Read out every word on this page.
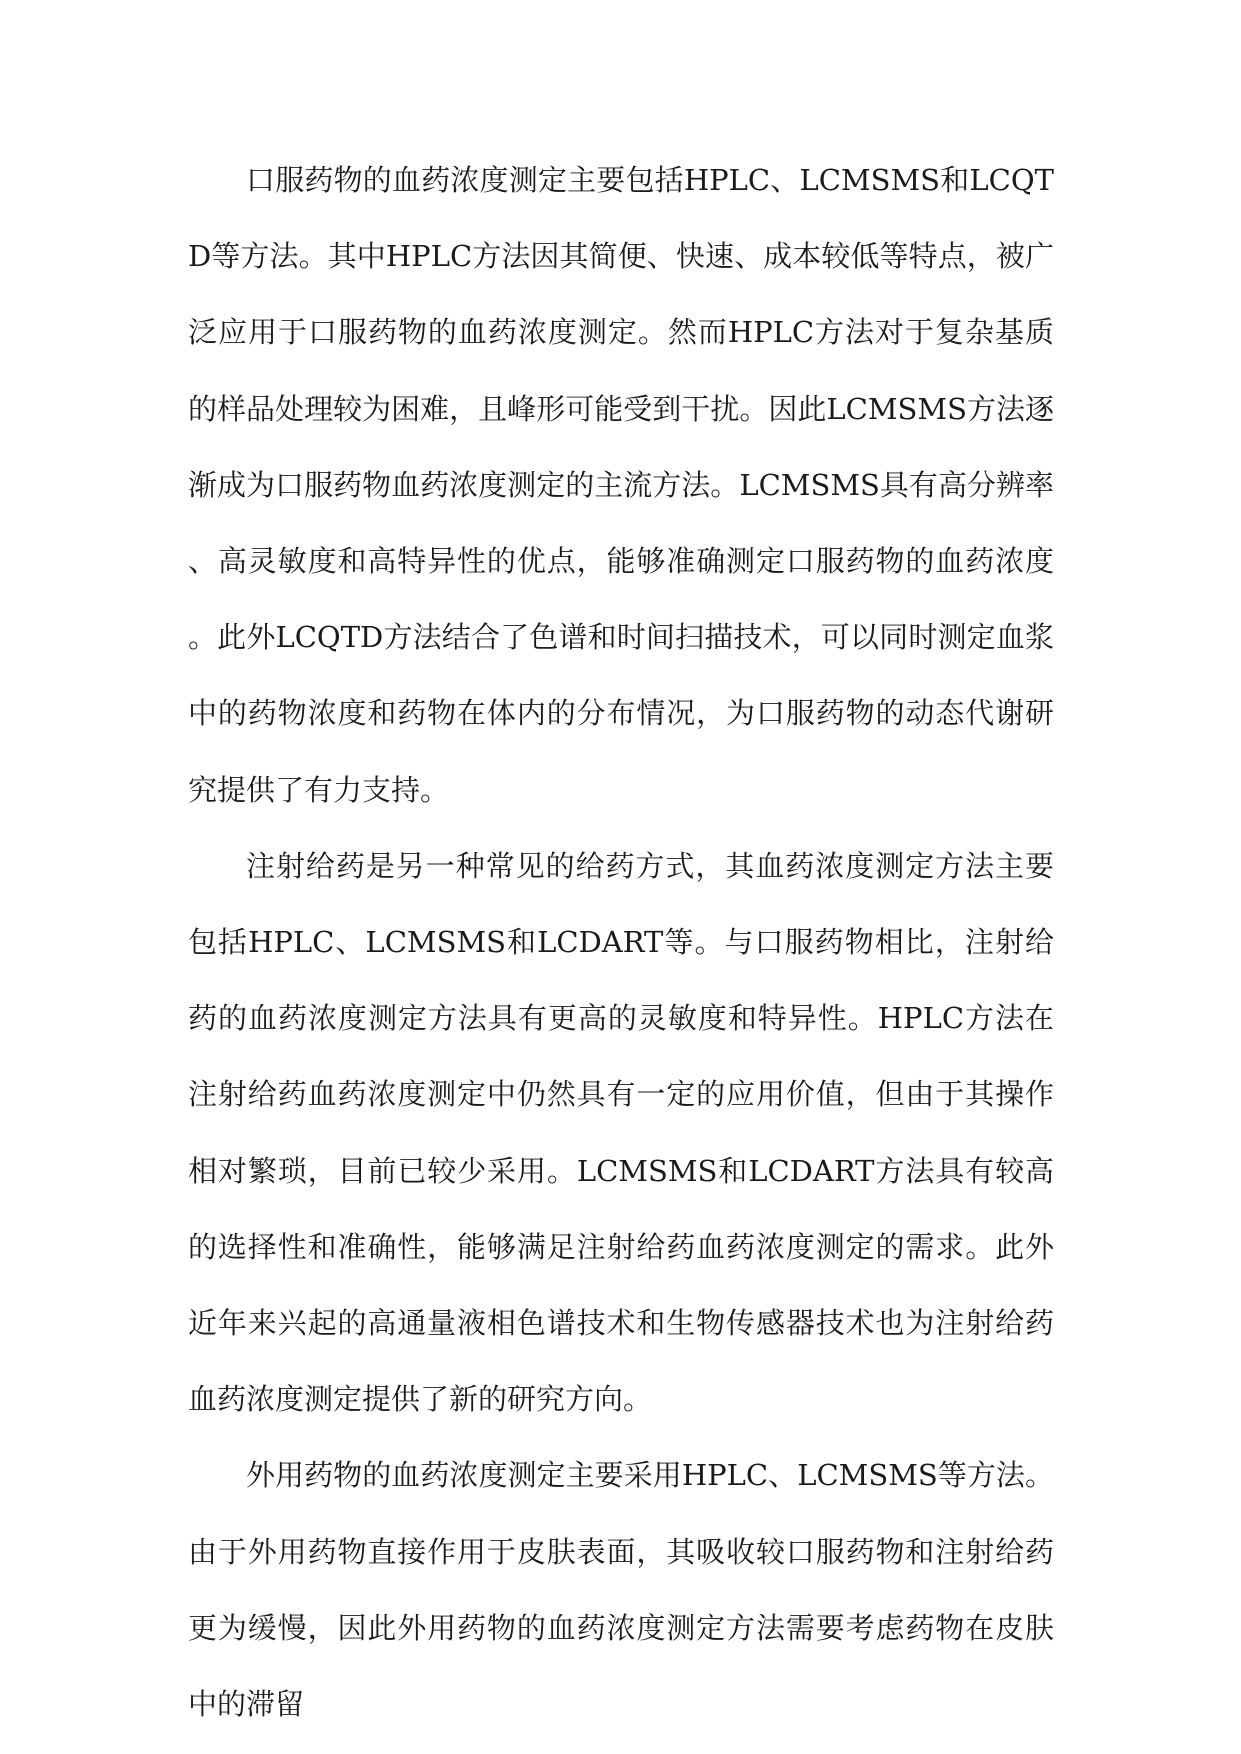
口服药物的血药浓度测定主要包括HPLC、LCMSMS和LCQTD等方法。其中HPLC方法因其简便、快速、成本较低等特点，被广泛应用于口服药物的血药浓度测定。然而HPLC方法对于复杂基质的样品处理较为困难，且峰形可能受到干扰。因此LCMSMS方法逐渐成为口服药物血药浓度测定的主流方法。LCMSMS具有高分辨率、高灵敏度和高特异性的优点，能够准确测定口服药物的血药浓度。此外LCQTD方法结合了色谱和时间扫描技术，可以同时测定血浆中的药物浓度和药物在体内的分布情况，为口服药物的动态代谢研究提供了有力支持。

注射给药是另一种常见的给药方式，其血药浓度测定方法主要包括HPLC、LCMSMS和LCDART等。与口服药物相比，注射给药的血药浓度测定方法具有更高的灵敏度和特异性。HPLC方法在注射给药血药浓度测定中仍然具有一定的应用价值，但由于其操作相对繁琐，目前已较少采用。LCMSMS和LCDART方法具有较高的选择性和准确性，能够满足注射给药血药浓度测定的需求。此外近年来兴起的高通量液相色谱技术和生物传感器技术也为注射给药血药浓度测定提供了新的研究方向。

外用药物的血药浓度测定主要采用HPLC、LCMSMS等方法。由于外用药物直接作用于皮肤表面，其吸收较口服药物和注射给药更为缓慢，因此外用药物的血药浓度测定方法需要考虑药物在皮肤中的滞留
